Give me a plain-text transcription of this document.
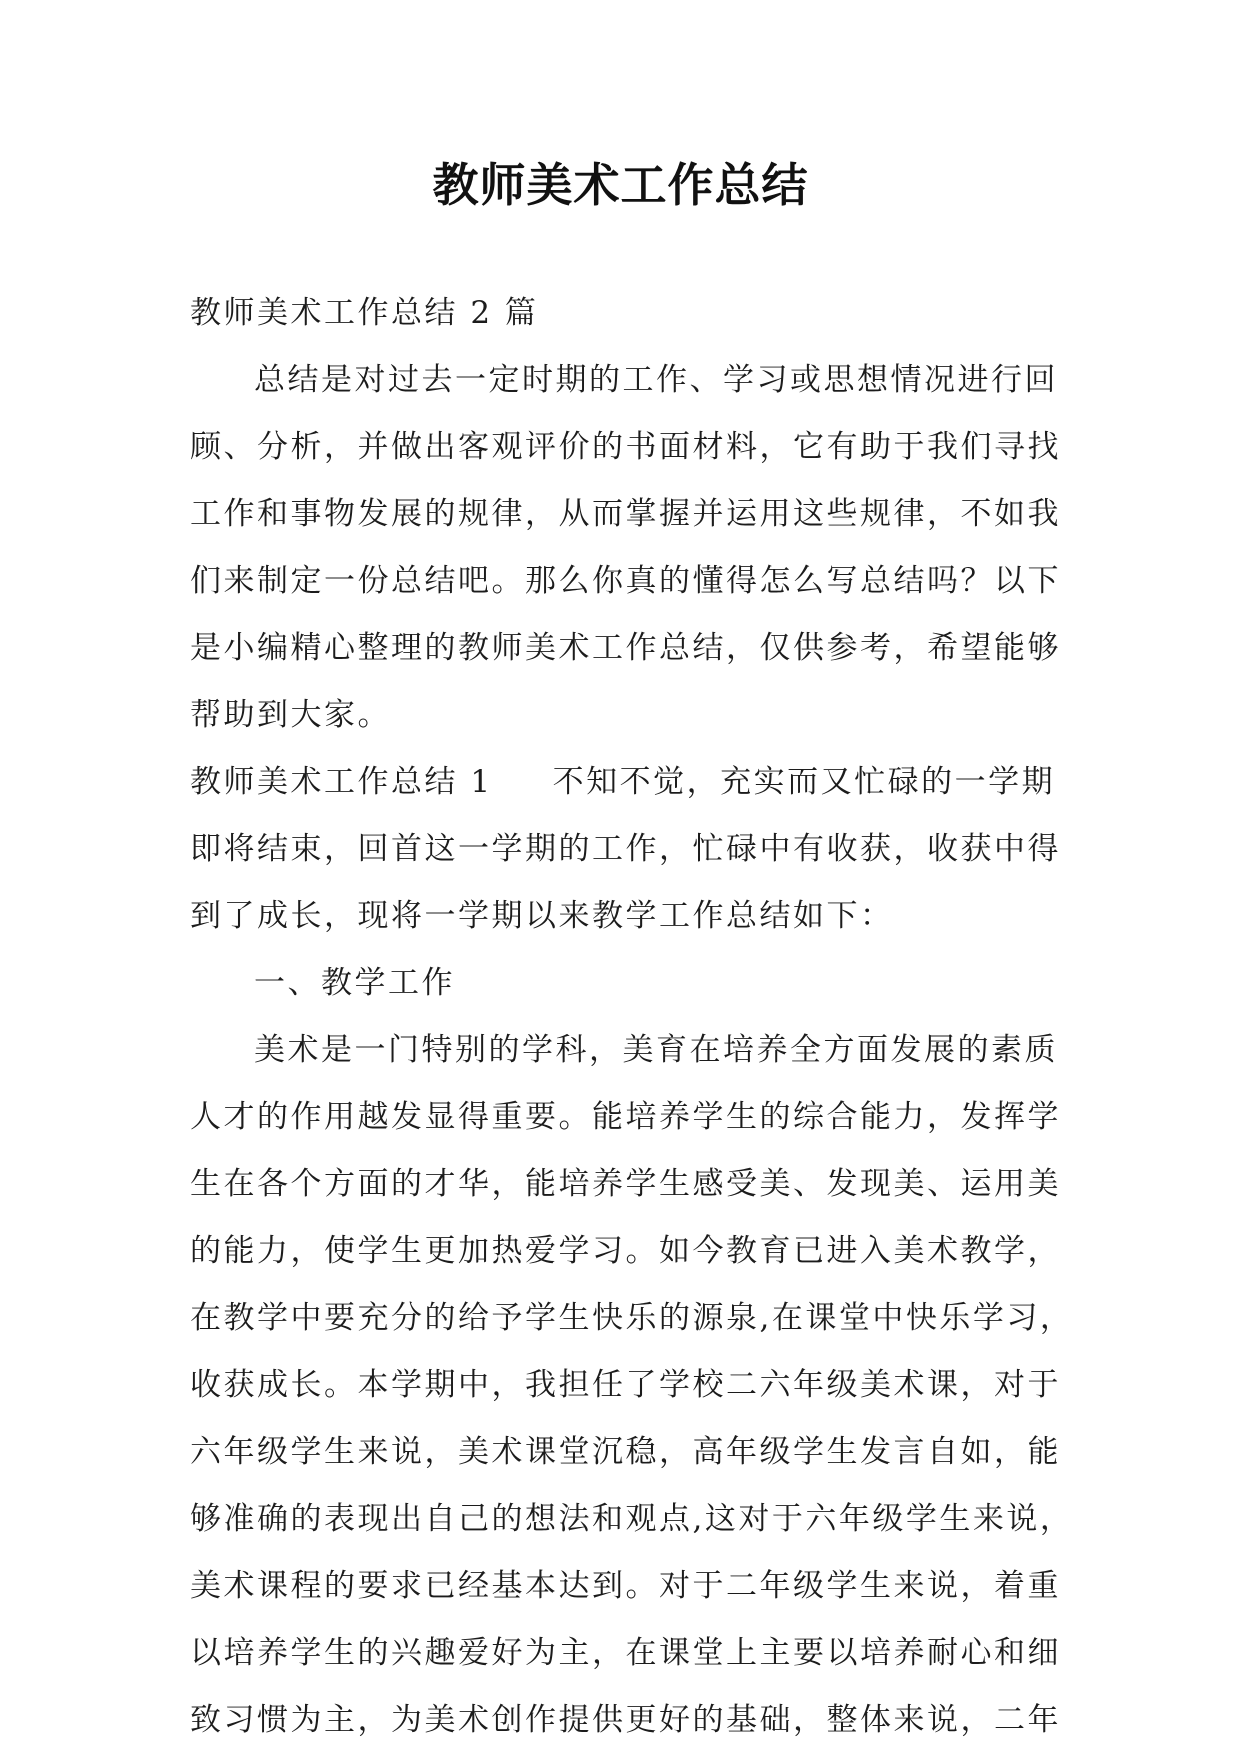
教师美术工作总结
教师美术工作总结 2 篇
总结是对过去一定时期的工作、学习或思想情况进行回
顾、分析，并做出客观评价的书面材料，它有助于我们寻找
工作和事物发展的规律，从而掌握并运用这些规律，不如我
们来制定一份总结吧。那么你真的懂得怎么写总结吗？以下
是小编精心整理的教师美术工作总结，仅供参考，希望能够
帮助到大家。
教师美术工作总结 1 不知不觉，充实而又忙碌的一学期
即将结束，回首这一学期的工作，忙碌中有收获，收获中得
到了成长，现将一学期以来教学工作总结如下：
一、教学工作
美术是一门特别的学科，美育在培养全方面发展的素质
人才的作用越发显得重要。能培养学生的综合能力，发挥学
生在各个方面的才华，能培养学生感受美、发现美、运用美
的能力，使学生更加热爱学习。如今教育已进入美术教学，
在教学中要充分的给予学生快乐的源泉,在课堂中快乐学习，
收获成长。本学期中，我担任了学校二六年级美术课，对于
六年级学生来说，美术课堂沉稳，高年级学生发言自如，能
够准确的表现出自己的想法和观点,这对于六年级学生来说，
美术课程的要求已经基本达到。对于二年级学生来说，着重
以培养学生的兴趣爱好为主，在课堂上主要以培养耐心和细
致习惯为主，为美术创作提供更好的基础，整体来说，二年
